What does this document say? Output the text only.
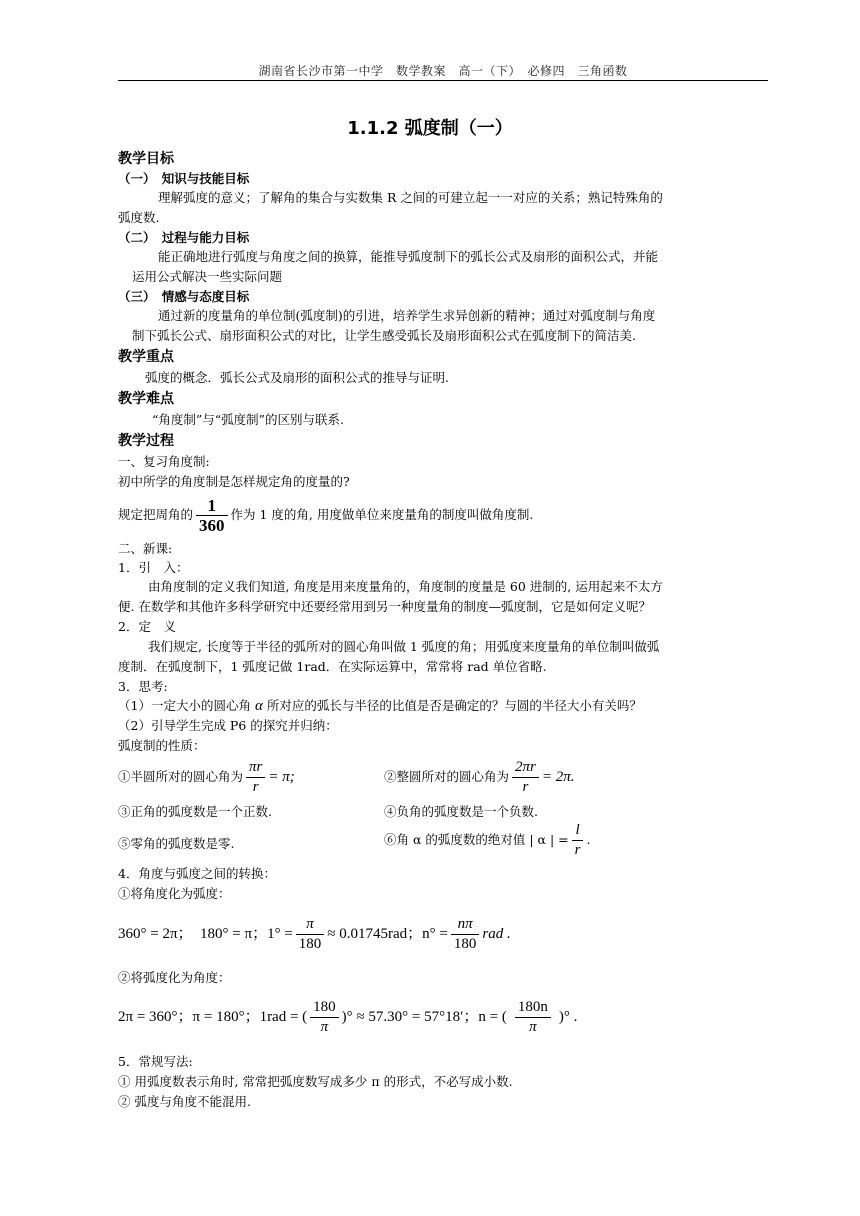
湖南省长沙市第一中学　数学教案　高一（下）　必修四　三角函数
1.1.2 弧度制（一）
教学目标
（一）　知识与技能目标
理解弧度的意义；了解角的集合与实数集 R 之间的可建立起一一对应的关系；熟记特殊角的
弧度数.
（二）　过程与能力目标
能正确地进行弧度与角度之间的换算，能推导弧度制下的弧长公式及扇形的面积公式，并能
运用公式解决一些实际问题
（三）　情感与态度目标
通过新的度量角的单位制(弧度制)的引进，培养学生求异创新的精神；通过对弧度制与角度
制下弧长公式、扇形面积公式的对比，让学生感受弧长及扇形面积公式在弧度制下的简洁美.
教学重点
弧度的概念．弧长公式及扇形的面积公式的推导与证明.
教学难点
“角度制”与“弧度制”的区别与联系.
教学过程
一、复习角度制:
初中所学的角度制是怎样规定角的度量的?
规定把周角的 $\frac{1}{360}$ 作为 1 度的角, 用度做单位来度量角的制度叫做角度制.
二、新课:
1．引　入：
由角度制的定义我们知道, 角度是用来度量角的，角度制的度量是 60 进制的, 运用起来不太方
便. 在数学和其他许多科学研究中还要经常用到另一种度量角的制度—弧度制，它是如何定义呢？
2．定　义
我们规定, 长度等于半径的弧所对的圆心角叫做 1 弧度的角；用弧度来度量角的单位制叫做弧
度制．在弧度制下，1 弧度记做 1rad．在实际运算中，常常将 rad 单位省略.
3．思考:
（1）一定大小的圆心角 α 所对应的弧长与半径的比值是否是确定的？与圆的半径大小有关吗？
（2）引导学生完成 P6 的探究并归纳：
弧度制的性质：
①半圆所对的圆心角为 $\frac{\pi r}{r} = \pi$;	②整圆所对的圆心角为 $\frac{2\pi r}{r} = 2\pi$.
③正角的弧度数是一个正数.	④负角的弧度数是一个负数.
⑤零角的弧度数是零.	⑥角 α 的弧度数的绝对值 | α | = $\frac{l}{r}$ .
4．角度与弧度之间的转换：
①将角度化为弧度：
360° = 2π；　180° = π；$1^\circ = \frac{\pi}{180} \approx 0.01745rad$；$n^\circ = \frac{n\pi}{180}$ rad .
②将弧度化为角度：
2π = 360°；π = 180°；1rad = ( $\frac{180}{\pi}$ )° ≈ 57.30° = 57°18′；n = ( $\frac{180n}{\pi}$ )° .
5．常规写法:
① 用弧度数表示角时, 常常把弧度数写成多少 π 的形式，不必写成小数.
② 弧度与角度不能混用.
